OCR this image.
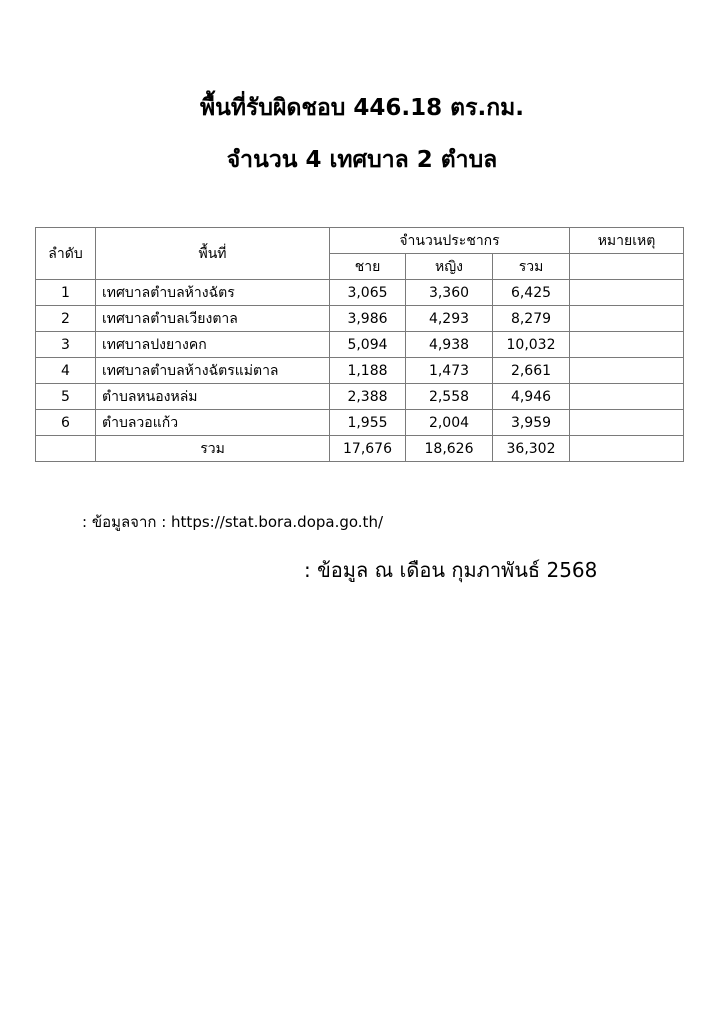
พื้นที่รับผิดชอบ 446.18 ตร.กม.
จำนวน 4 เทศบาล 2 ตำบล
ลำดับ	พื้นที่	จำนวนประชากร			หมายเหตุ
		ชาย	หญิง	รวม	
1	เทศบาลตำบลห้างฉัตร	3,065	3,360	6,425	
2	เทศบาลตำบลเวียงตาล	3,986	4,293	8,279	
3	เทศบาลปงยางคก	5,094	4,938	10,032	
4	เทศบาลตำบลห้างฉัตรแม่ตาล	1,188	1,473	2,661	
5	ตำบลหนองหล่ม	2,388	2,558	4,946	
6	ตำบลวอแก้ว	1,955	2,004	3,959	
	รวม	17,676	18,626	36,302	
: ข้อมูลจาก : https://stat.bora.dopa.go.th/
: ข้อมูล ณ เดือน กุมภาพันธ์ 2568
